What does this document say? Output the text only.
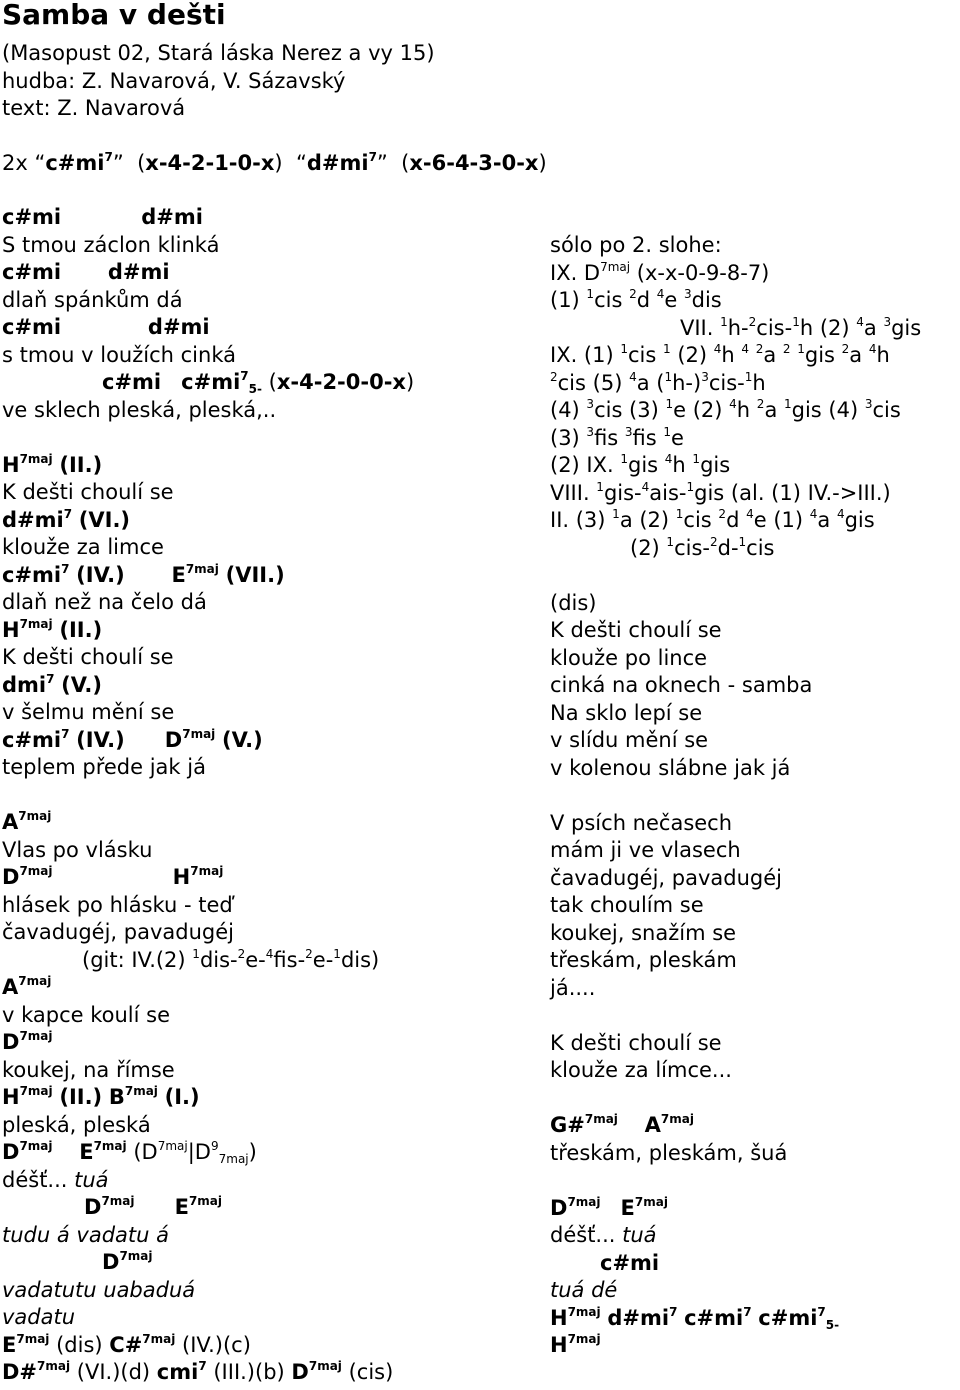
Samba v dešti
(Masopust 02, Stará láska Nerez a vy 15)
hudba: Z. Navarová, V. Sázavský
text: Z. Navarová
2x “$c\#mi^7$”  (x-4-2-1-0-x)  “$d\#mi^7$”  (x-6-4-3-0-x)
c#mi	d#mi
S tmou záclon klinká
c#mi d#mi
dlaň spánkům dá
c#mi	d#mi
s tmou v loužích cinká
c#mi $c\#mi^7_{5-}$ (x-4-2-0-0-x)
ve sklech pleská, pleská,..
$H^{7maj}$ (II.)
K dešti choulí se
$d\#mi^7$ (VI.)
klouže za limce
$c\#mi^7$ (IV.) $E^{7maj}$ (VII.)
dlaň než na čelo dá
$H^{7maj}$ (II.)
K dešti choulí se
dmi$^7$ (V.)
v šelmu mění se
$c\#mi^7$ (IV.) $D^{7maj}$ (V.)
teplem přede jak já
$A^{7maj}$
Vlas po vlásku
$D^{7maj}$	$H^{7maj}$
hlásek po hlásku - teď
čavadugéj, pavadugéj
(git: IV.(2) $^1$dis-$^2$e-$^4$fis-$^2$e-$^1$dis)
$A^{7maj}$
v kapce koulí se
$D^{7maj}$
koukej, na římse
$H^{7maj}$ (II.) $B^{7maj}$ (I.)
pleská, pleská
$D^{7maj}$ $E^{7maj}$ $(D^{7maj}|D^9_{7maj})$
déšť... tuá
$D^{7maj}$ $E^{7maj}$
tudu á vadatu á
$D^{7maj}$
vadatutu uabaduá
vadatu
$E^{7maj}$ (dis) C#$^{7maj}$ (IV.)(c)
D#$^{7maj}$ (VI.)(d) cmi$^7$ (III.)(b) $D^{7maj}$ (cis)
sólo po 2. slohe:
IX. $D^{7maj}$ (x-x-0-9-8-7)
(1) $^1$cis $^2$d $^4$e $^3$dis
VII. $^1$h-$^2$cis-$^1$h (2) $^4$a $^3$gis
IX. (1) $^1$cis $^1$ (2) $^4$h $^4$ $^2$a $^2$ $^1$gis $^2$a $^4$h
$^2$cis (5) $^4$a $(^1h-)^3cis-^1h$
(4) $^3$cis (3) $^1$e (2) $^4$h $^2$a $^1$gis (4) $^3$cis
(3) $^3$fis $^3$fis $^1$e
(2) IX. $^1$gis $^4$h $^1$gis
VIII. $^1$gis-$^4$ais-$^1$gis (al. (1) IV.->III.)
II. (3) $^1$a (2) $^1$cis $^2$d $^4$e (1) $^4$a $^4$gis
(2) $^1$cis-$^2$d-$^1$cis
(dis)
K dešti choulí se
klouže po lince
cinká na oknech - samba
Na sklo lepí se
v slídu mění se
v kolenou slábne jak já
V psích nečasech
mám ji ve vlasech
čavadugéj, pavadugéj
tak choulím se
koukej, snažím se
třeskám, pleskám
já....
K dešti choulí se
klouže za límce...
G#$^{7maj}$ $A^{7maj}$
třeskám, pleskám, šuá
$D^{7maj}$ $E^{7maj}$
déšť... tuá
c#mi
tuá dé
$H^{7maj}$ $d\#mi^7$ $c\#mi^7$ $c\#mi^7_{5-}$
$H^{7maj}$
